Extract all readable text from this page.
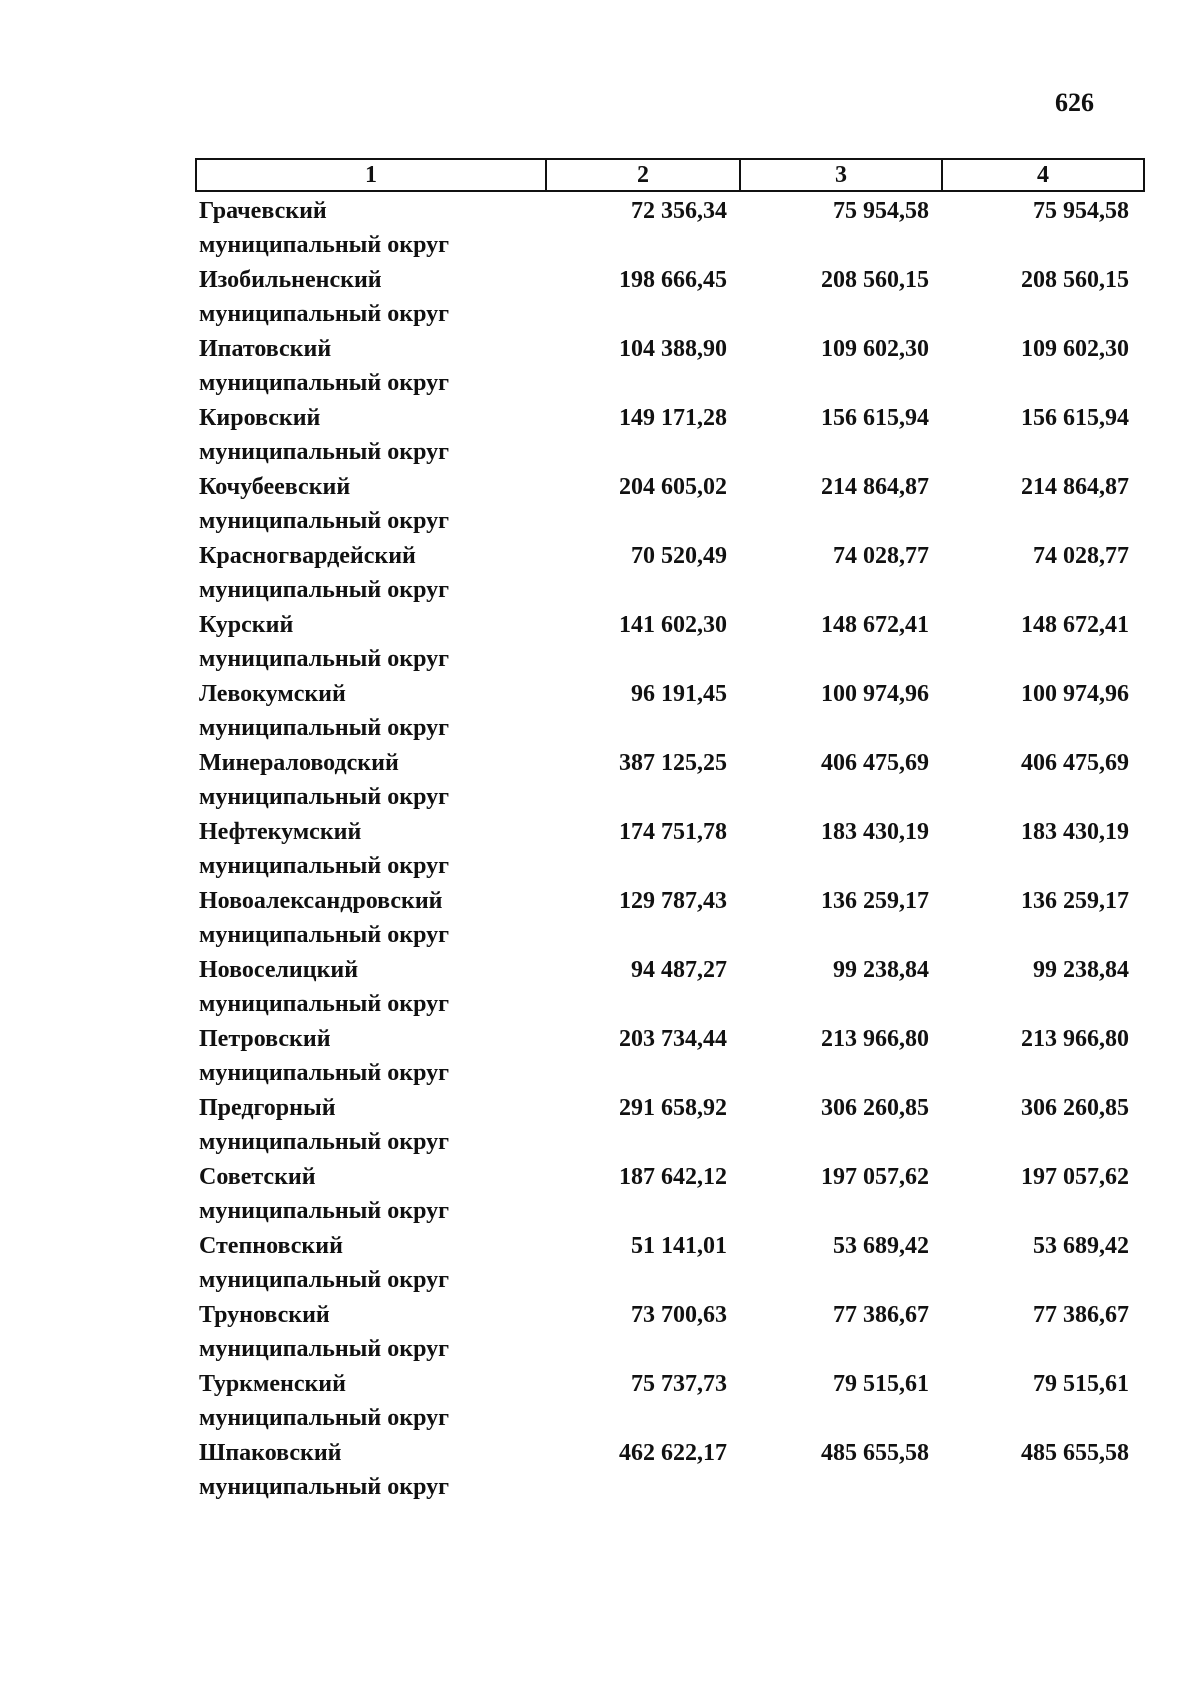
626
1	2	3	4
Грачевский
муниципальный округ
72 356,34	75 954,58	75 954,58
Изобильненский
муниципальный округ
198 666,45	208 560,15	208 560,15
Ипатовский
муниципальный округ
104 388,90	109 602,30	109 602,30
Кировский
муниципальный округ
149 171,28	156 615,94	156 615,94
Кочубеевский
муниципальный округ
204 605,02	214 864,87	214 864,87
Красногвардейский
муниципальный округ
70 520,49	74 028,77	74 028,77
Курский
муниципальный округ
141 602,30	148 672,41	148 672,41
Левокумский
муниципальный округ
96 191,45	100 974,96	100 974,96
Минераловодский
муниципальный округ
387 125,25	406 475,69	406 475,69
Нефтекумский
муниципальный округ
174 751,78	183 430,19	183 430,19
Новоалександровский
муниципальный округ
129 787,43	136 259,17	136 259,17
Новоселицкий
муниципальный округ
94 487,27	99 238,84	99 238,84
Петровский
муниципальный округ
203 734,44	213 966,80	213 966,80
Предгорный
муниципальный округ
291 658,92	306 260,85	306 260,85
Советский
муниципальный округ
187 642,12	197 057,62	197 057,62
Степновский
муниципальный округ
51 141,01	53 689,42	53 689,42
Труновский
муниципальный округ
73 700,63	77 386,67	77 386,67
Туркменский
муниципальный округ
75 737,73	79 515,61	79 515,61
Шпаковский
муниципальный округ
462 622,17	485 655,58	485 655,58
